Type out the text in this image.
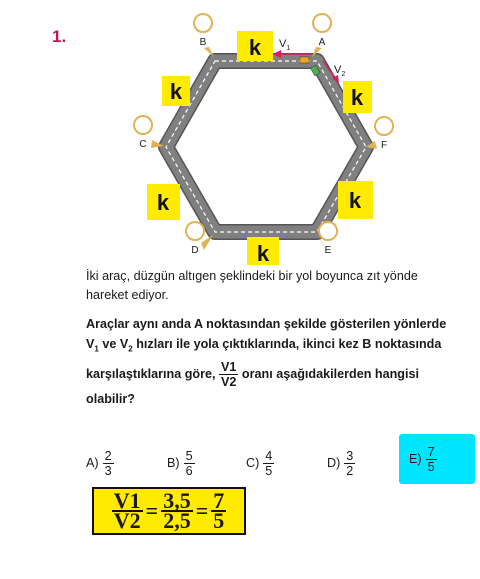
1.	$V_1$
$V_2$
B	A
C	F
D	E
k
k	k
k	k
k
İki araç, düzgün altıgen şeklindeki bir yol boyunca zıt yönde hareket ediyor.
Araçlar aynı anda A noktasından şekilde gösterilen yönlerde $V_1$ ve $V_2$ hızları ile yola çıktıklarında, ikinci kez B noktasında karşılaştıklarına göre, $\frac{V1}{V2}$ oranı aşağıdakilerden hangisi olabilir?
$A) \frac{2}{3}$	$B) \frac{5}{6}$	$C) \frac{4}{5}$	$D) \frac{3}{2}$	$E) \frac{7}{5}$
$\frac{V1}{V2} = \frac{3,5}{2,5} = \frac{7}{5}$
